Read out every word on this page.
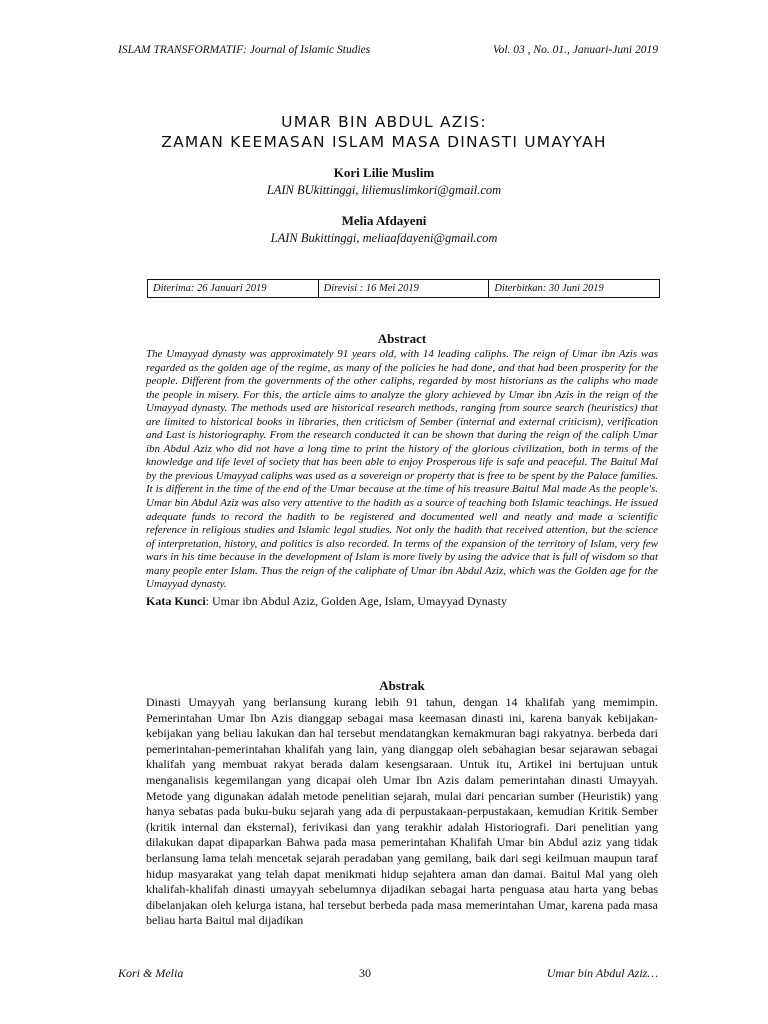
ISLAM TRANSFORMATIF: Journal of Islamic Studies	Vol. 03 , No. 01., Januari-Juni 2019
UMAR BIN ABDUL AZIS:
ZAMAN KEEMASAN ISLAM MASA DINASTI UMAYYAH
Kori Lilie Muslim
LAIN BUkittinggi, liliemuslimkori@gmail.com
Melia Afdayeni
LAIN Bukittinggi, meliaafdayeni@gmail.com
Diterima: 26 Januari 2019	Direvisi : 16 Mei 2019	Diterbitkan: 30 Juni 2019
Abstract

The Umayyad dynasty was approximately 91 years old, with 14 leading caliphs. The reign of Umar ibn Azis was regarded as the golden age of the regime, as many of the policies he had done, and that had been prosperity for the people. Different from the governments of the other caliphs, regarded by most historians as the caliphs who made the people in misery. For this, the article aims to analyze the glory achieved by Umar ibn Azis in the reign of the Umayyad dynasty. The methods used are historical research methods, ranging from source search (heuristics) that are limited to historical books in libraries, then criticism of Sember (internal and external criticism), verification and Last is historiography. From the research conducted it can be shown that during the reign of the caliph Umar ibn Abdul Aziz who did not have a long time to print the history of the glorious civilization, both in terms of the knowledge and life level of society that has been able to enjoy Prosperous life is safe and peaceful. The Baitul Mal by the previous Umayyad caliphs was used as a sovereign or property that is free to be spent by the Palace families. It is different in the time of the end of the Umar because at the time of his treasure Baitul Mal made As the people's. Umar bin Abdul Aziz was also very attentive to the hadith as a source of teaching both Islamic teachings. He issued adequate funds to record the hadith to be registered and documented well and neatly and made a scientific reference in religious studies and Islamic legal studies. Not only the hadith that received attention, but the science of interpretation, history, and politics is also recorded. In terms of the expansion of the territory of Islam, very few wars in his time because in the development of Islam is more lively by using the advice that is full of wisdom so that many people enter Islam. Thus the reign of the caliphate of Umar ibn Abdul Aziz, which was the Golden age for the Umayyad dynasty.

Kata Kunci: Umar ibn Abdul Aziz, Golden Age, Islam, Umayyad Dynasty
Abstrak

Dinasti Umayyah yang berlansung kurang lebih 91 tahun, dengan 14 khalifah yang memimpin. Pemerintahan Umar Ibn Azis dianggap sebagai masa keemasan dinasti ini, karena banyak kebijakan-kebijakan yang beliau lakukan dan hal tersebut mendatangkan kemakmuran bagi rakyatnya. berbeda dari pemerintahan-pemerintahan khalifah yang lain, yang dianggap oleh sebahagian besar sejarawan sebagai khalifah yang membuat rakyat berada dalam kesengsaraan. Untuk itu, Artikel ini bertujuan untuk menganalisis kegemilangan yang dicapai oleh Umar Ibn Azis dalam pemerintahan dinasti Umayyah. Metode yang digunakan adalah metode penelitian sejarah, mulai dari pencarian sumber (Heuristik) yang hanya sebatas pada buku-buku sejarah yang ada di perpustakaan-perpustakaan, kemudian Kritik Sember (kritik internal dan eksternal), ferivikasi dan yang terakhir adalah Historiografi. Dari penelitian yang dilakukan dapat dipaparkan Bahwa pada masa pemerintahan Khalifah Umar bin Abdul aziz yang tidak berlansung lama telah mencetak sejarah peradaban yang gemilang, baik dari segi keilmuan maupun taraf hidup masyarakat yang telah dapat menikmati hidup sejahtera aman dan damai. Baitul Mal yang oleh khalifah-khalifah dinasti umayyah sebelumnya dijadikan sebagai harta penguasa atau harta yang bebas dibelanjakan oleh kelurga istana, hal tersebut berbeda pada masa memerintahan Umar, karena pada masa beliau harta Baitul mal dijadikan

Kori & Melia	30	Umar bin Abdul Aziz…
